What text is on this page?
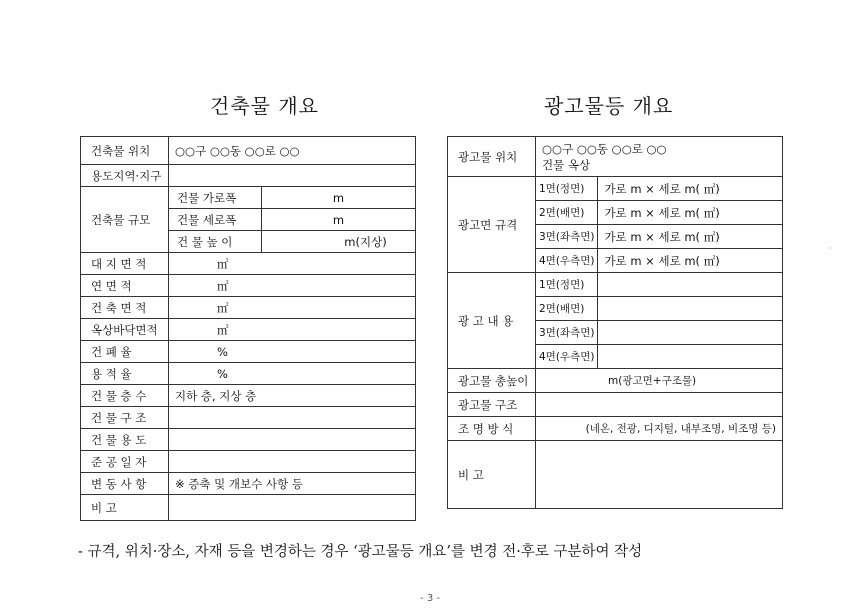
건축물 개요	광고물등 개요
건축물 위치	○○구 ○○동 ○○로 ○○	
용도지역·지구		
건축물 규모	건물 가로폭	m
	건물 세로폭	m
	건 물 높 이	m(지상)
대 지 면 적	㎡	
연 면 적	㎡	
건 축 면 적	㎡	
옥상바닥면적	㎡	
건 폐 율	%	
용 적 율	%	
건 물 층 수	지하 층, 지상 층	
건 물 구 조		
건 물 용 도		
준 공 일 자		
변 동 사 항	※ 증축 및 개보수 사항 등	
비 고		
광고물 위치	○○구 ○○동 ○○로 ○○
건물 옥상	

광고면 규격	1면(정면)	가로 m × 세로 m( ㎡)
	2면(배면)	가로 m × 세로 m( ㎡)
	3면(좌측면)	가로 m × 세로 m( ㎡)
	4면(우측면)	가로 m × 세로 m( ㎡)
광 고 내 용	1면(정면)	
	2면(배면)	
	3면(좌측면)	
	4면(우측면)	
광고물 총높이	m(광고면+구조물)	
광고물 구조		
조 명 방 식	(네온, 전광, 디지털, 내부조명, 비조명 등)	
비 고		
·
- 규격, 위치·장소, 자재 등을 변경하는 경우 ‘광고물등 개요’를 변경 전·후로 구분하여 작성
- 3 -
